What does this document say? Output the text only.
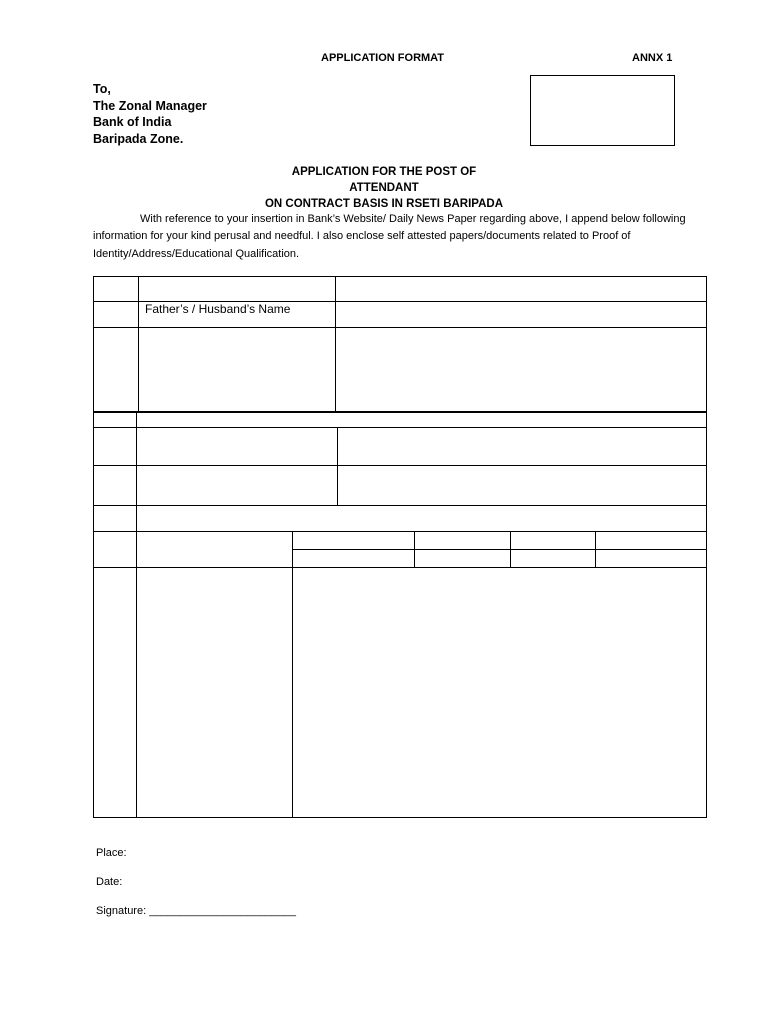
APPLICATION FORMAT	ANNX 1
To,
The Zonal Manager
Bank of India
Baripada Zone.
APPLICATION FOR THE POST OF
ATTENDANT
ON CONTRACT BASIS IN RSETI BARIPADA
With reference to your insertion in Bank’s Website/ Daily News Paper regarding above, I append below following information for your kind perusal and needful. I also enclose self attested papers/documents related to Proof of Identity/Address/Educational Qualification.
Father’s / Husband’s Name
Place:
Date:
Signature: ________________________
